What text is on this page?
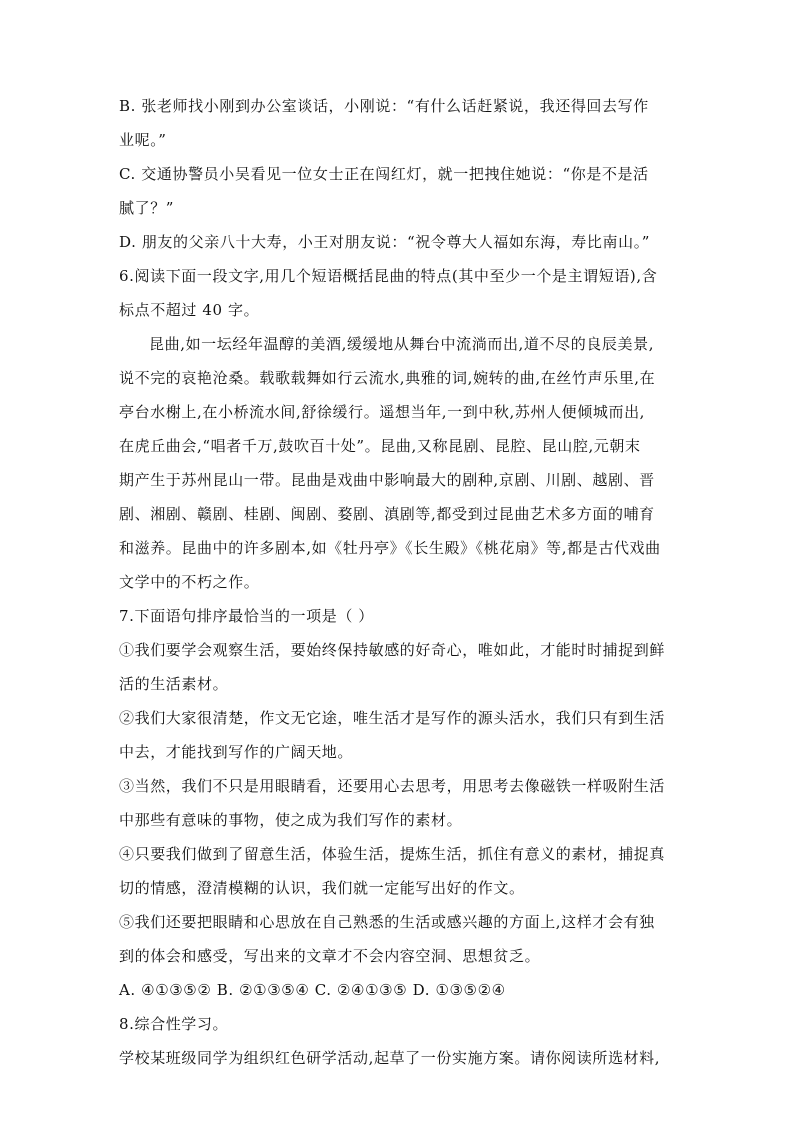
B. 张老师找小刚到办公室谈话，小刚说：“有什么话赶紧说，我还得回去写作
业呢。”
C. 交通协警员小吴看见一位女士正在闯红灯，就一把拽住她说：“你是不是活
腻了？”
D. 朋友的父亲八十大寿，小王对朋友说：“祝令尊大人福如东海，寿比南山。”
6.阅读下面一段文字,用几个短语概括昆曲的特点(其中至少一个是主谓短语),含
标点不超过 40 字。
昆曲,如一坛经年温醇的美酒,缓缓地从舞台中流淌而出,道不尽的良辰美景,
说不完的哀艳沧桑。载歌载舞如行云流水,典雅的词,婉转的曲,在丝竹声乐里,在
亭台水榭上,在小桥流水间,舒徐缓行。遥想当年,一到中秋,苏州人便倾城而出,
在虎丘曲会,“唱者千万,鼓吹百十处”。昆曲,又称昆剧、昆腔、昆山腔,元朝末
期产生于苏州昆山一带。昆曲是戏曲中影响最大的剧种,京剧、川剧、越剧、晋
剧、湘剧、赣剧、桂剧、闽剧、婺剧、滇剧等,都受到过昆曲艺术多方面的哺育
和滋养。昆曲中的许多剧本,如《牡丹亭》《长生殿》《桃花扇》等,都是古代戏曲
文学中的不朽之作。
7.下面语句排序最恰当的一项是（ ）
①我们要学会观察生活，要始终保持敏感的好奇心，唯如此，才能时时捕捉到鲜
活的生活素材。
②我们大家很清楚，作文无它途，唯生活才是写作的源头活水，我们只有到生活
中去，才能找到写作的广阔天地。
③当然，我们不只是用眼睛看，还要用心去思考，用思考去像磁铁一样吸附生活
中那些有意味的事物，使之成为我们写作的素材。
④只要我们做到了留意生活，体验生活，提炼生活，抓住有意义的素材，捕捉真
切的情感，澄清模糊的认识，我们就一定能写出好的作文。
⑤我们还要把眼睛和心思放在自己熟悉的生活或感兴趣的方面上,这样才会有独
到的体会和感受，写出来的文章才不会内容空洞、思想贫乏。
A. ④①③⑤② B. ②①③⑤④ C. ②④①③⑤ D. ①③⑤②④
8.综合性学习。
学校某班级同学为组织红色研学活动,起草了一份实施方案。请你阅读所选材料,
